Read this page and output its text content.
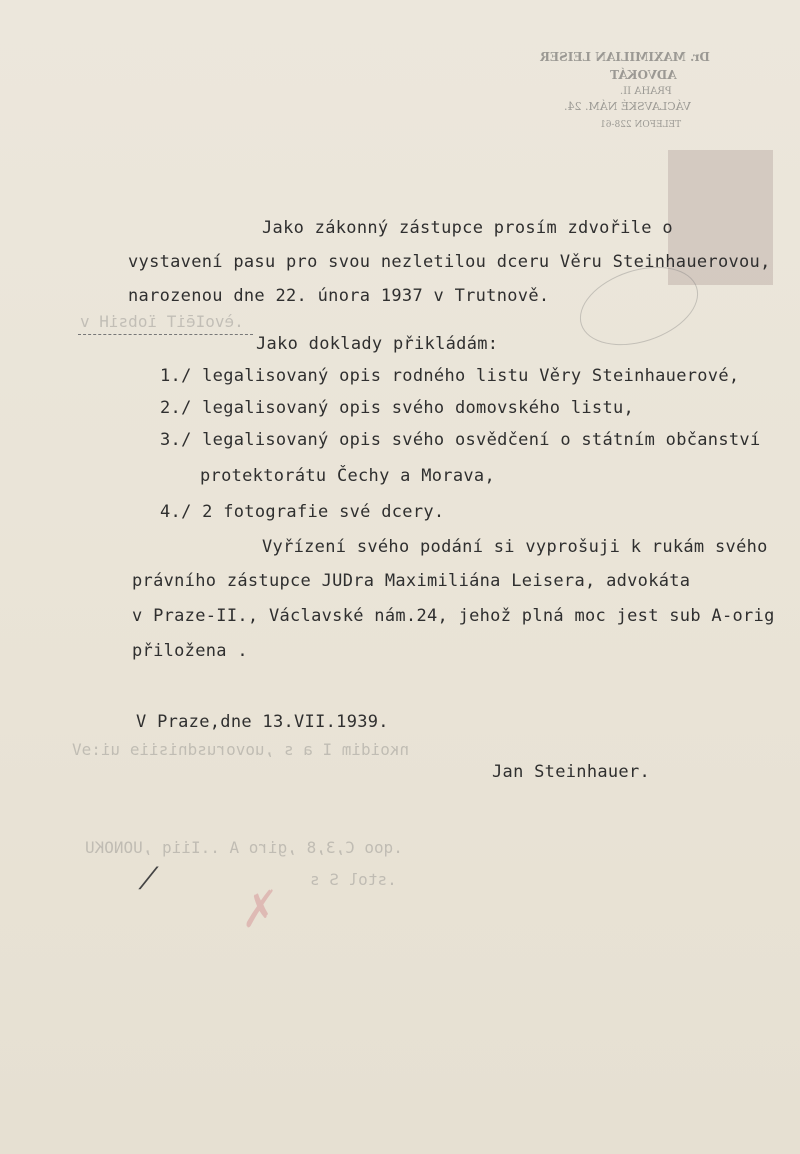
Dr. MAXIMILIAN LEISER
ADVOKÁT
PRAHA II.
VÁCLAVSKÉ NÁM. 24.
TELEFON 228-61
.èvoIēiT ïobsiH v
nкoidim I a s ,uovorusdnisiiɘ ui:ɘV
.qoo C,3,8 ,giro A ..Iiiq ,UONOKU
.stol S s
Jako zákonný zástupce prosím zdvořile o
vystavení pasu pro svou nezletilou dceru Věru Steinhauerovou,
narozenou dne 22. února 1937 v Trutnově.
Jako doklady přikládám:
1./ legalisovaný opis rodného listu Věry Steinhauerové,
2./ legalisovaný opis svého domovského listu,
3./ legalisovaný opis svého osvědčení o státním občanství
protektorátu Čechy a Morava,
4./ 2 fotografie své dcery.
Vyřízení svého podání si vyprošuji k rukám svého
právního zástupce JUDra Maximiliána Leisera, advokáta
v Praze-II., Václavské nám.24, jehož plná moc jest sub A-orig
přiložena .
V Praze,dne 13.VII.1939.
Jan Steinhauer.
⁄
✗
